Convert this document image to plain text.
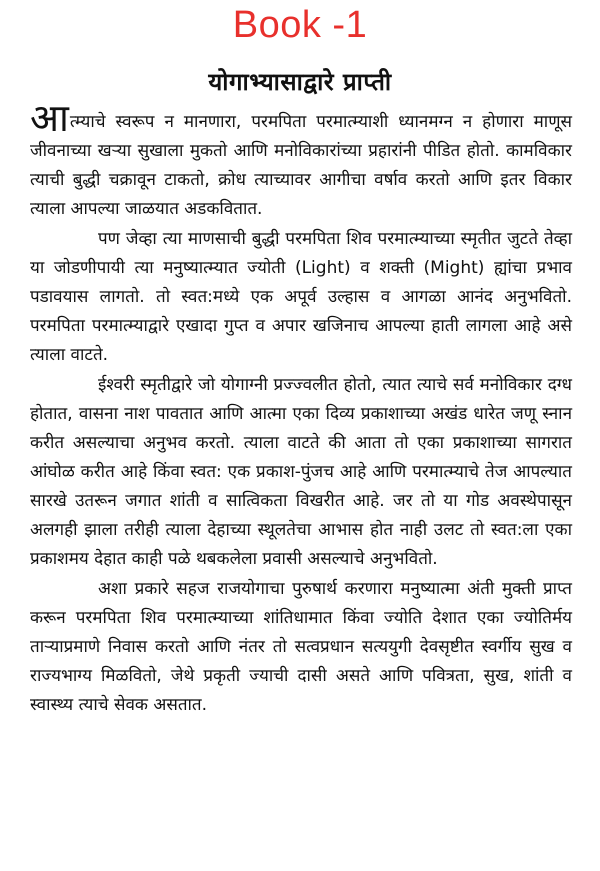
Book -1
योगाभ्यासाद्वारे प्राप्ती

आत्म्याचे स्वरूप न मानणारा, परमपिता परमात्म्याशी ध्यानमग्न न होणारा माणूस जीवनाच्या खऱ्या सुखाला मुकतो आणि मनोविकारांच्या प्रहारांनी पीडित होतो. कामविकार त्याची बुद्धी चक्रावून टाकतो, क्रोध त्याच्यावर आगीचा वर्षाव करतो आणि इतर विकार त्याला आपल्या जाळयात अडकवितात.

पण जेव्हा त्या माणसाची बुद्धी परमपिता शिव परमात्म्याच्या स्मृतीत जुटते तेव्हा या जोडणीपायी त्या मनुष्यात्म्यात ज्योती (Light) व शक्ती (Might) ह्यांचा प्रभाव पडावयास लागतो. तो स्वत:मध्ये एक अपूर्व उल्हास व आगळा आनंद अनुभवितो. परमपिता परमात्म्याद्वारे एखादा गुप्त व अपार खजिनाच आपल्या हाती लागला आहे असे त्याला वाटते.

ईश्वरी स्मृतीद्वारे जो योगाग्नी प्रज्ज्वलीत होतो, त्यात त्याचे सर्व मनोविकार दग्ध होतात, वासना नाश पावतात आणि आत्मा एका दिव्य प्रकाशाच्या अखंड धारेत जणू स्नान करीत असल्याचा अनुभव करतो. त्याला वाटते की आता तो एका प्रकाशाच्या सागरात आंघोळ करीत आहे किंवा स्वत: एक प्रकाश-पुंजच आहे आणि परमात्म्याचे तेज आपल्यात सारखे उतरून जगात शांती व सात्विकता विखरीत आहे. जर तो या गोड अवस्थेपासून अलगही झाला तरीही त्याला देहाच्या स्थूलतेचा आभास होत नाही उलट तो स्वत:ला एका प्रकाशमय देहात काही पळे थबकलेला प्रवासी असल्याचे अनुभवितो.

अशा प्रकारे सहज राजयोगाचा पुरुषार्थ करणारा मनुष्यात्मा अंती मुक्ती प्राप्त करून परमपिता शिव परमात्म्याच्या शांतिधामात किंवा ज्योति देशात एका ज्योतिर्मय ताऱ्याप्रमाणे निवास करतो आणि नंतर तो सत्वप्रधान सत्ययुगी देवसृष्टीत स्वर्गीय सुख व राज्यभाग्य मिळवितो, जेथे प्रकृती ज्याची दासी असते आणि पवित्रता, सुख, शांती व स्वास्थ्य त्याचे सेवक असतात.
